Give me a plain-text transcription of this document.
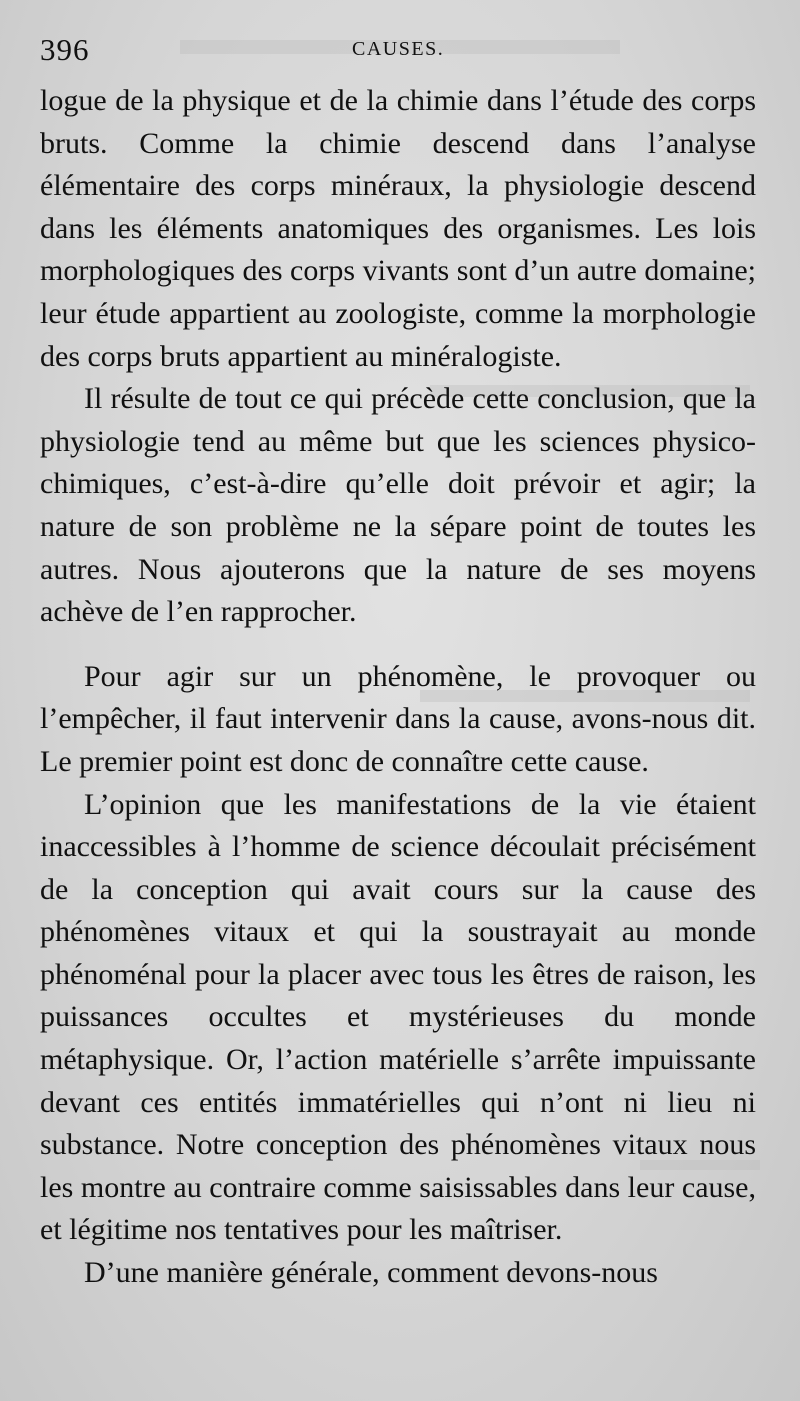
396	CAUSES.

logue de la physique et de la chimie dans l’étude des corps bruts. Comme la chimie descend dans l’analyse élémentaire des corps minéraux, la physiologie descend dans les éléments anatomiques des organismes. Les lois morphologiques des corps vivants sont d’un autre domaine; leur étude appartient au zoologiste, comme la morphologie des corps bruts appartient au minéralogiste.

Il résulte de tout ce qui précède cette conclusion, que la physiologie tend au même but que les sciences physico-chimiques, c’est-à-dire qu’elle doit prévoir et agir; la nature de son problème ne la sépare point de toutes les autres. Nous ajouterons que la nature de ses moyens achève de l’en rapprocher.

Pour agir sur un phénomène, le provoquer ou l’empêcher, il faut intervenir dans la cause, avons-nous dit. Le premier point est donc de connaître cette cause.

L’opinion que les manifestations de la vie étaient inaccessibles à l’homme de science découlait précisément de la conception qui avait cours sur la cause des phénomènes vitaux et qui la soustrayait au monde phénoménal pour la placer avec tous les êtres de raison, les puissances occultes et mystérieuses du monde métaphysique. Or, l’action matérielle s’arrête impuissante devant ces entités immatérielles qui n’ont ni lieu ni substance. Notre conception des phénomènes vitaux nous les montre au contraire comme saisissables dans leur cause, et légitime nos tentatives pour les maîtriser.

D’une manière générale, comment devons-nous
